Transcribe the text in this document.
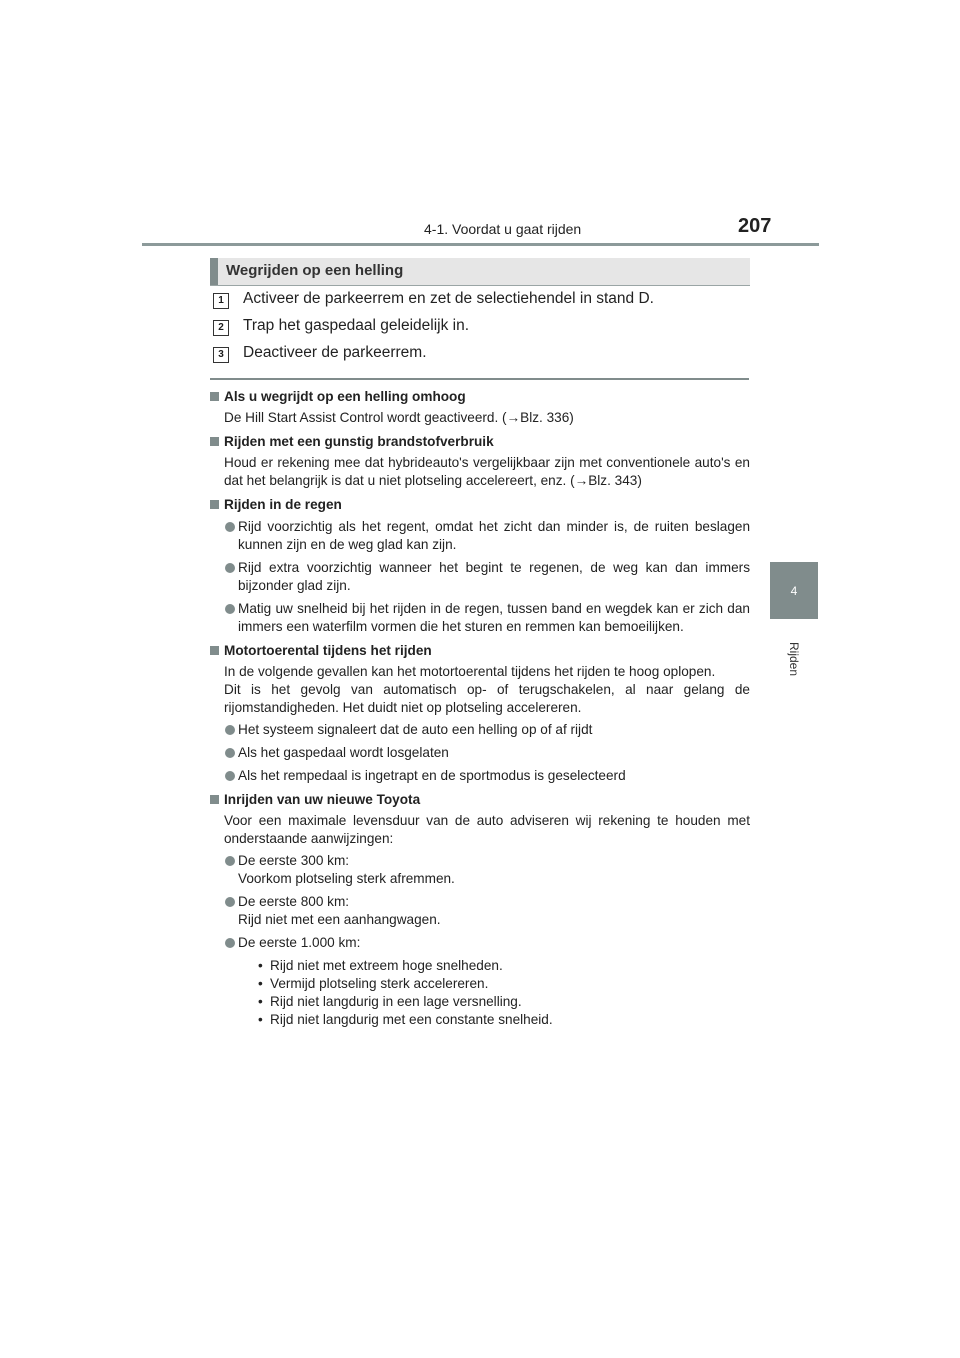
4-1. Voordat u gaat rijden	207
4
Rijden
Wegrijden op een helling
1	Activeer de parkeerrem en zet de selectiehendel in stand D.
2	Trap het gaspedaal geleidelijk in.
3	Deactiveer de parkeerrem.
Als u wegrijdt op een helling omhoog
De Hill Start Assist Control wordt geactiveerd. (→Blz. 336)
Rijden met een gunstig brandstofverbruik
Houd er rekening mee dat hybrideauto's vergelijkbaar zijn met conventionele auto's en dat het belangrijk is dat u niet plotseling accelereert, enz. (→Blz. 343)
Rijden in de regen
Rijd voorzichtig als het regent, omdat het zicht dan minder is, de ruiten beslagen kunnen zijn en de weg glad kan zijn.
Rijd extra voorzichtig wanneer het begint te regenen, de weg kan dan immers bijzonder glad zijn.
Matig uw snelheid bij het rijden in de regen, tussen band en wegdek kan er zich dan immers een waterfilm vormen die het sturen en remmen kan bemoeilijken.
Motortoerental tijdens het rijden
In de volgende gevallen kan het motortoerental tijdens het rijden te hoog oplopen.
Dit is het gevolg van automatisch op- of terugschakelen, al naar gelang de rijomstandigheden. Het duidt niet op plotseling accelereren.
Het systeem signaleert dat de auto een helling op of af rijdt
Als het gaspedaal wordt losgelaten
Als het rempedaal is ingetrapt en de sportmodus is geselecteerd
Inrijden van uw nieuwe Toyota
Voor een maximale levensduur van de auto adviseren wij rekening te houden met onderstaande aanwijzingen:
De eerste 300 km:
Voorkom plotseling sterk afremmen.
De eerste 800 km:
Rijd niet met een aanhangwagen.
De eerste 1.000 km:
• Rijd niet met extreem hoge snelheden.
• Vermijd plotseling sterk accelereren.
• Rijd niet langdurig in een lage versnelling.
• Rijd niet langdurig met een constante snelheid.
